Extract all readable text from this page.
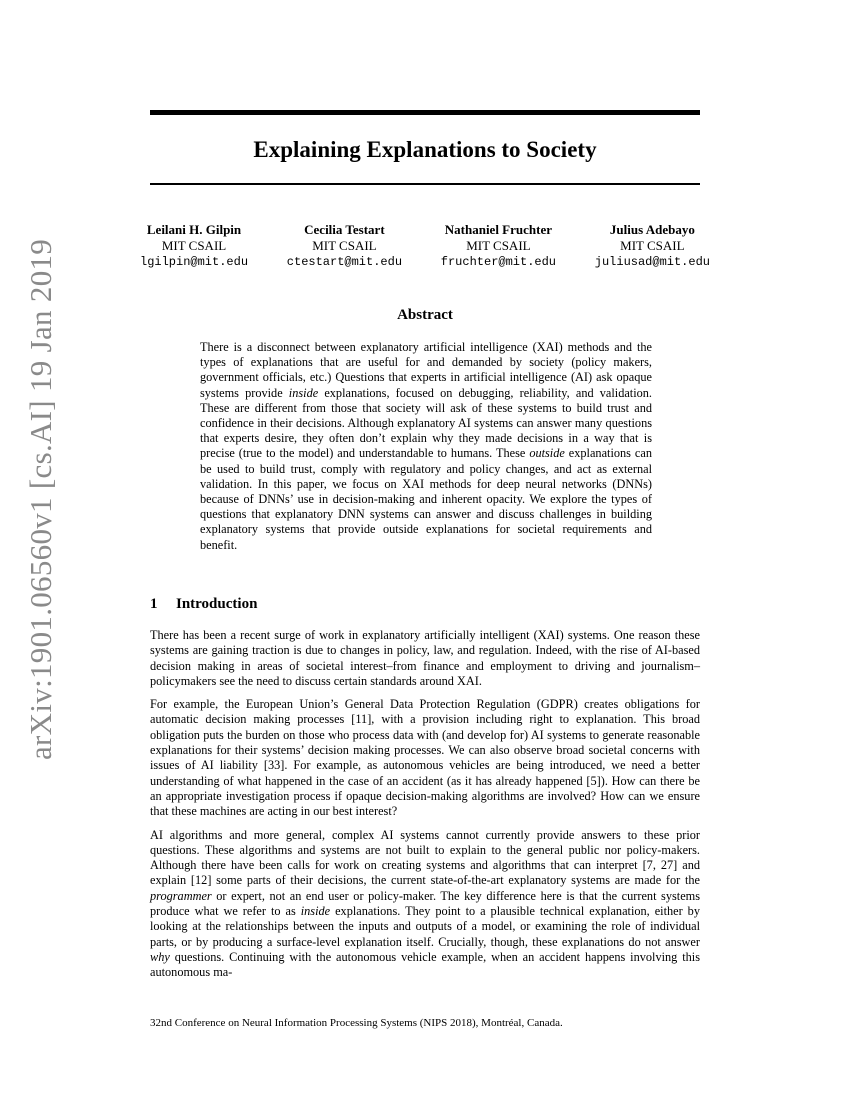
arXiv:1901.06560v1 [cs.AI] 19 Jan 2019
Explaining Explanations to Society
Leilani H. Gilpin
MIT CSAIL
lgilpin@mit.edu
Cecilia Testart
MIT CSAIL
ctestart@mit.edu
Nathaniel Fruchter
MIT CSAIL
fruchter@mit.edu
Julius Adebayo
MIT CSAIL
juliusad@mit.edu
Abstract
There is a disconnect between explanatory artificial intelligence (XAI) methods and the types of explanations that are useful for and demanded by society (policy makers, government officials, etc.) Questions that experts in artificial intelligence (AI) ask opaque systems provide inside explanations, focused on debugging, reliability, and validation. These are different from those that society will ask of these systems to build trust and confidence in their decisions. Although explanatory AI systems can answer many questions that experts desire, they often don’t explain why they made decisions in a way that is precise (true to the model) and understandable to humans. These outside explanations can be used to build trust, comply with regulatory and policy changes, and act as external validation. In this paper, we focus on XAI methods for deep neural networks (DNNs) because of DNNs’ use in decision-making and inherent opacity. We explore the types of questions that explanatory DNN systems can answer and discuss challenges in building explanatory systems that provide outside explanations for societal requirements and benefit.
1 Introduction

There has been a recent surge of work in explanatory artificially intelligent (XAI) systems. One reason these systems are gaining traction is due to changes in policy, law, and regulation. Indeed, with the rise of AI-based decision making in areas of societal interest–from finance and employment to driving and journalism–policymakers see the need to discuss certain standards around XAI.

For example, the European Union’s General Data Protection Regulation (GDPR) creates obligations for automatic decision making processes [11], with a provision including right to explanation. This broad obligation puts the burden on those who process data with (and develop for) AI systems to generate reasonable explanations for their systems’ decision making processes. We can also observe broad societal concerns with issues of AI liability [33]. For example, as autonomous vehicles are being introduced, we need a better understanding of what happened in the case of an accident (as it has already happened [5]). How can there be an appropriate investigation process if opaque decision-making algorithms are involved? How can we ensure that these machines are acting in our best interest?

AI algorithms and more general, complex AI systems cannot currently provide answers to these prior questions. These algorithms and systems are not built to explain to the general public nor policy-makers. Although there have been calls for work on creating systems and algorithms that can interpret [7, 27] and explain [12] some parts of their decisions, the current state-of-the-art explanatory systems are made for the programmer or expert, not an end user or policy-maker. The key difference here is that the current systems produce what we refer to as inside explanations. They point to a plausible technical explanation, either by looking at the relationships between the inputs and outputs of a model, or examining the role of individual parts, or by producing a surface-level explanation itself. Crucially, though, these explanations do not answer why questions. Continuing with the autonomous vehicle example, when an accident happens involving this autonomous ma-

32nd Conference on Neural Information Processing Systems (NIPS 2018), Montréal, Canada.
